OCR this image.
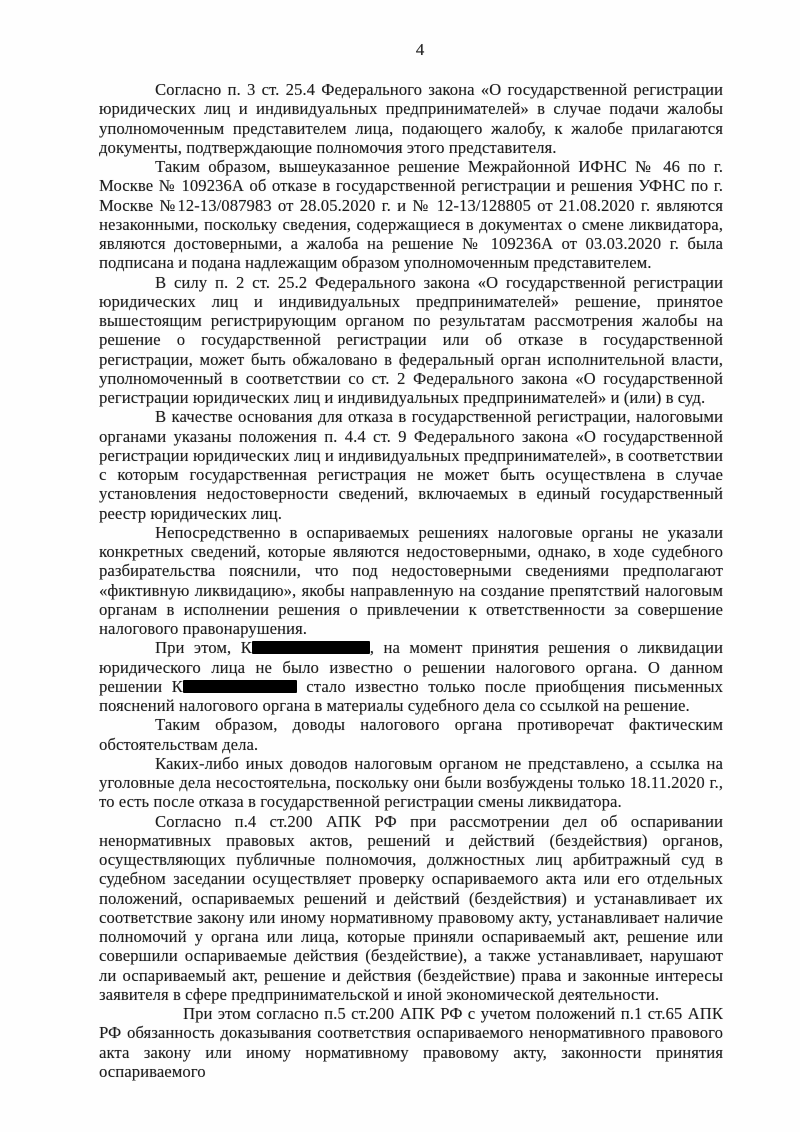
4

Согласно п. 3 ст. 25.4 Федерального закона «О государственной регистрации юридических лиц и индивидуальных предпринимателей» в случае подачи жалобы уполномоченным представителем лица, подающего жалобу, к жалобе прилагаются документы, подтверждающие полномочия этого представителя.

Таким образом, вышеуказанное решение Межрайонной ИФНС № 46 по г. Москве № 109236А об отказе в государственной регистрации и решения УФНС по г. Москве №12-13/087983 от 28.05.2020 г. и № 12-13/128805 от 21.08.2020 г. являются незаконными, поскольку сведения, содержащиеся в документах о смене ликвидатора, являются достоверными, а жалоба на решение № 109236А от 03.03.2020 г. была подписана и подана надлежащим образом уполномоченным представителем.

В силу п. 2 ст. 25.2 Федерального закона «О государственной регистрации юридических лиц и индивидуальных предпринимателей» решение, принятое вышестоящим регистрирующим органом по результатам рассмотрения жалобы на решение о государственной регистрации или об отказе в государственной регистрации, может быть обжаловано в федеральный орган исполнительной власти, уполномоченный в соответствии со ст. 2 Федерального закона «О государственной регистрации юридических лиц и индивидуальных предпринимателей» и (или) в суд.

В качестве основания для отказа в государственной регистрации, налоговыми органами указаны положения п. 4.4 ст. 9 Федерального закона «О государственной регистрации юридических лиц и индивидуальных предпринимателей», в соответствии с которым государственная регистрация не может быть осуществлена в случае установления недостоверности сведений, включаемых в единый государственный реестр юридических лиц.

Непосредственно в оспариваемых решениях налоговые органы не указали конкретных сведений, которые являются недостоверными, однако, в ходе судебного разбирательства пояснили, что под недостоверными сведениями предполагают «фиктивную ликвидацию», якобы направленную на создание препятствий налоговым органам в исполнении решения о привлечении к ответственности за совершение налогового правонарушения.

При этом, К	, на момент принятия решения о ликвидации юридического лица не было известно о решении налогового органа. О данном решении К	стало известно только после приобщения письменных пояснений налогового органа в материалы судебного дела со ссылкой на решение.

Таким образом, доводы налогового органа противоречат фактическим обстоятельствам дела.

Каких-либо иных доводов налоговым органом не представлено, а ссылка на уголовные дела несостоятельна, поскольку они были возбуждены только 18.11.2020 г., то есть после отказа в государственной регистрации смены ликвидатора.

Согласно п.4 ст.200 АПК РФ при рассмотрении дел об оспаривании ненормативных правовых актов, решений и действий (бездействия) органов, осуществляющих публичные полномочия, должностных лиц арбитражный суд в судебном заседании осуществляет проверку оспариваемого акта или его отдельных положений, оспариваемых решений и действий (бездействия) и устанавливает их соответствие закону или иному нормативному правовому акту, устанавливает наличие полномочий у органа или лица, которые приняли оспариваемый акт, решение или совершили оспариваемые действия (бездействие), а также устанавливает, нарушают ли оспариваемый акт, решение и действия (бездействие) права и законные интересы заявителя в сфере предпринимательской и иной экономической деятельности.

При этом согласно п.5 ст.200 АПК РФ с учетом положений п.1 ст.65 АПК РФ обязанность доказывания соответствия оспариваемого ненормативного правового акта закону или иному нормативному правовому акту, законности принятия оспариваемого
